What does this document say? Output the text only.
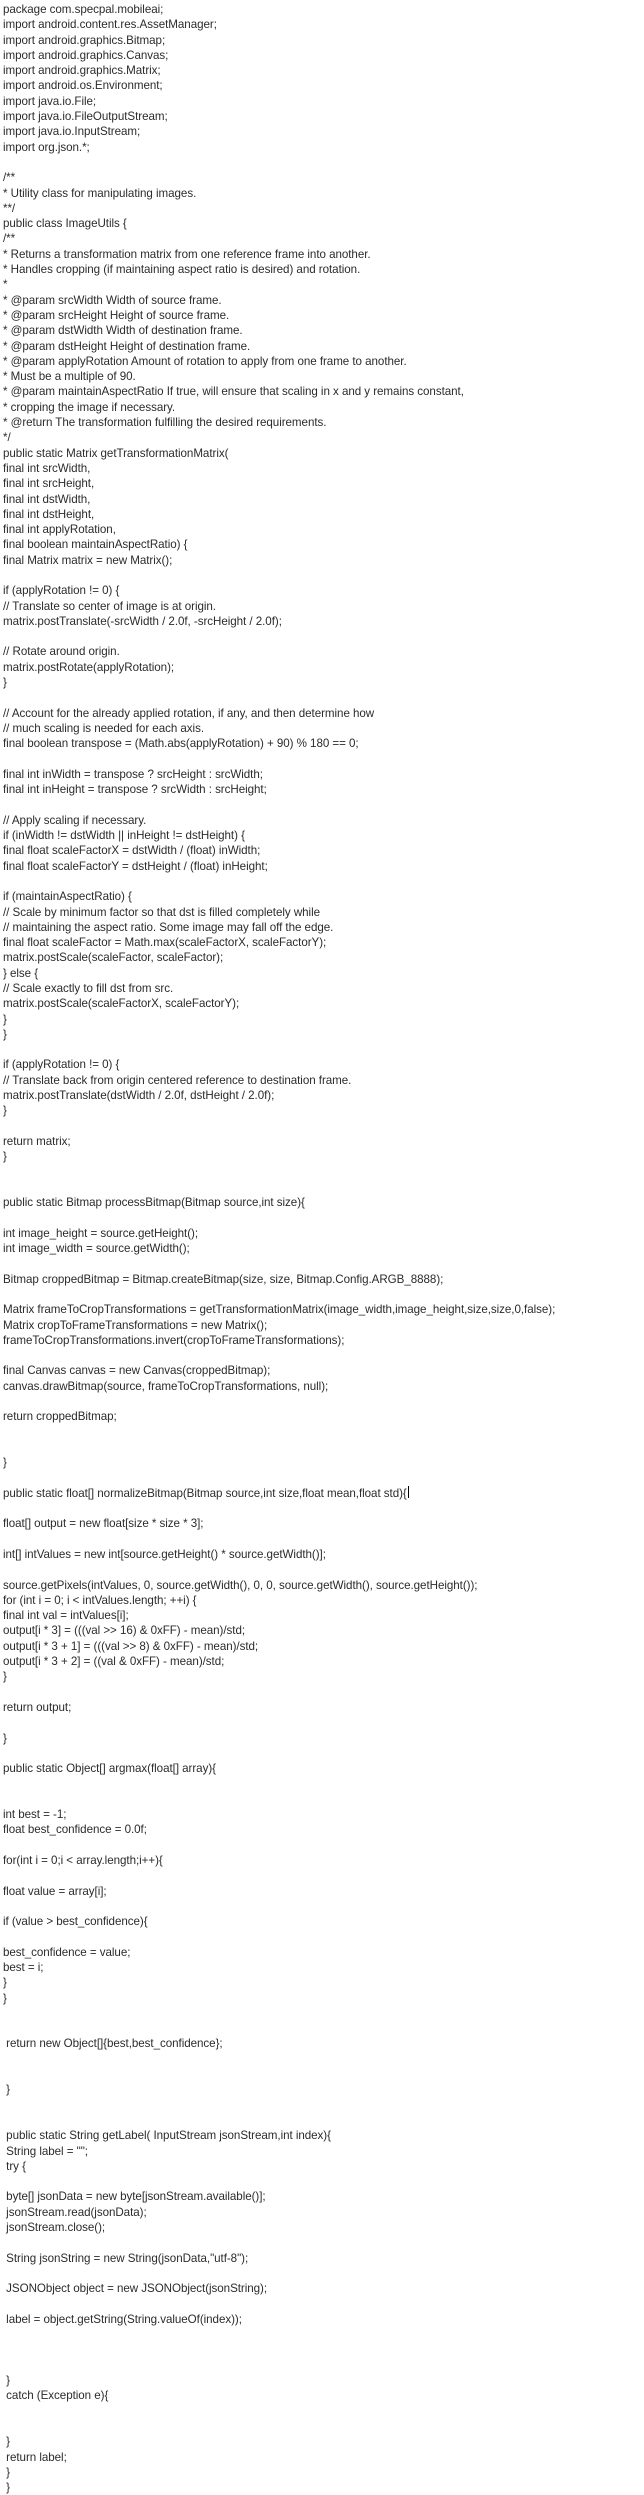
package com.specpal.mobileai;
import android.content.res.AssetManager;
import android.graphics.Bitmap;
import android.graphics.Canvas;
import android.graphics.Matrix;
import android.os.Environment;
import java.io.File;
import java.io.FileOutputStream;
import java.io.InputStream;
import org.json.*;
/**
* Utility class for manipulating images.
**/
public class ImageUtils {
/**
* Returns a transformation matrix from one reference frame into another.
* Handles cropping (if maintaining aspect ratio is desired) and rotation.
*
* @param srcWidth Width of source frame.
* @param srcHeight Height of source frame.
* @param dstWidth Width of destination frame.
* @param dstHeight Height of destination frame.
* @param applyRotation Amount of rotation to apply from one frame to another.
* Must be a multiple of 90.
* @param maintainAspectRatio If true, will ensure that scaling in x and y remains constant,
* cropping the image if necessary.
* @return The transformation fulfilling the desired requirements.
*/
public static Matrix getTransformationMatrix(
final int srcWidth,
final int srcHeight,
final int dstWidth,
final int dstHeight,
final int applyRotation,
final boolean maintainAspectRatio) {
final Matrix matrix = new Matrix();
if (applyRotation != 0) {
// Translate so center of image is at origin.
matrix.postTranslate(-srcWidth / 2.0f, -srcHeight / 2.0f);
// Rotate around origin.
matrix.postRotate(applyRotation);
}
// Account for the already applied rotation, if any, and then determine how
// much scaling is needed for each axis.
final boolean transpose = (Math.abs(applyRotation) + 90) % 180 == 0;
final int inWidth = transpose ? srcHeight : srcWidth;
final int inHeight = transpose ? srcWidth : srcHeight;
// Apply scaling if necessary.
if (inWidth != dstWidth || inHeight != dstHeight) {
final float scaleFactorX = dstWidth / (float) inWidth;
final float scaleFactorY = dstHeight / (float) inHeight;
if (maintainAspectRatio) {
// Scale by minimum factor so that dst is filled completely while
// maintaining the aspect ratio. Some image may fall off the edge.
final float scaleFactor = Math.max(scaleFactorX, scaleFactorY);
matrix.postScale(scaleFactor, scaleFactor);
} else {
// Scale exactly to fill dst from src.
matrix.postScale(scaleFactorX, scaleFactorY);
}
}
if (applyRotation != 0) {
// Translate back from origin centered reference to destination frame.
matrix.postTranslate(dstWidth / 2.0f, dstHeight / 2.0f);
}
return matrix;
}
public static Bitmap processBitmap(Bitmap source,int size){
int image_height = source.getHeight();
int image_width = source.getWidth();
Bitmap croppedBitmap = Bitmap.createBitmap(size, size, Bitmap.Config.ARGB_8888);
Matrix frameToCropTransformations = getTransformationMatrix(image_width,image_height,size,size,0,false);
Matrix cropToFrameTransformations = new Matrix();
frameToCropTransformations.invert(cropToFrameTransformations);
final Canvas canvas = new Canvas(croppedBitmap);
canvas.drawBitmap(source, frameToCropTransformations, null);
return croppedBitmap;
}
public static float[] normalizeBitmap(Bitmap source,int size,float mean,float std){
float[] output = new float[size * size * 3];
int[] intValues = new int[source.getHeight() * source.getWidth()];
source.getPixels(intValues, 0, source.getWidth(), 0, 0, source.getWidth(), source.getHeight());
for (int i = 0; i < intValues.length; ++i) {
final int val = intValues[i];
output[i * 3] = (((val >> 16) & 0xFF) - mean)/std;
output[i * 3 + 1] = (((val >> 8) & 0xFF) - mean)/std;
output[i * 3 + 2] = ((val & 0xFF) - mean)/std;
}
return output;
}
public static Object[] argmax(float[] array){
int best = -1;
float best_confidence = 0.0f;
for(int i = 0;i < array.length;i++){
float value = array[i];
if (value > best_confidence){
best_confidence = value;
best = i;
}
}
return new Object[]{best,best_confidence};
}
public static String getLabel( InputStream jsonStream,int index){
String label = "";
try {
byte[] jsonData = new byte[jsonStream.available()];
jsonStream.read(jsonData);
jsonStream.close();
String jsonString = new String(jsonData,"utf-8");
JSONObject object = new JSONObject(jsonString);
label = object.getString(String.valueOf(index));
}
catch (Exception e){
}
return label;
}
}
